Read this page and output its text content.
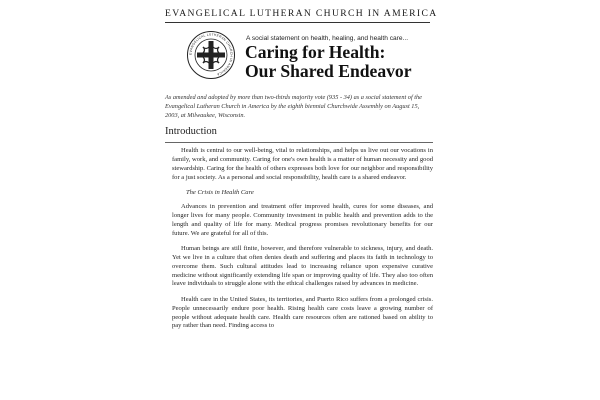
EVANGELICAL LUTHERAN CHURCH IN AMERICA
EVANGELICAL LUTHERAN CHURCH IN AMERICA
A social statement on health, healing, and health care...
Caring for Health:
Our Shared Endeavor
As amended and adopted by more than two-thirds majority vote (935 - 34) as a social statement of the Evangelical Lutheran Church in America by the eighth biennial Churchwide Assembly on August 15, 2003, at Milwaukee, Wisconsin.
Introduction

Health is central to our well-being, vital to relationships, and helps us live out our vocations in family, work, and community. Caring for one's own health is a matter of human necessity and good stewardship. Caring for the health of others expresses both love for our neighbor and responsibility for a just society. As a personal and social responsibility, health care is a shared endeavor.

The Crisis in Health Care

Advances in prevention and treatment offer improved health, cures for some diseases, and longer lives for many people. Community investment in public health and prevention adds to the length and quality of life for many. Medical progress promises revolutionary benefits for our future. We are grateful for all of this.

Human beings are still finite, however, and therefore vulnerable to sickness, injury, and death. Yet we live in a culture that often denies death and suffering and places its faith in technology to overcome them. Such cultural attitudes lead to increasing reliance upon expensive curative medicine without significantly extending life span or improving quality of life. They also too often leave individuals to struggle alone with the ethical challenges raised by advances in medicine.

Health care in the United States, its territories, and Puerto Rico suffers from a prolonged crisis. People unnecessarily endure poor health. Rising health care costs leave a growing number of people without adequate health care. Health care resources often are rationed based on ability to pay rather than need. Finding access to
